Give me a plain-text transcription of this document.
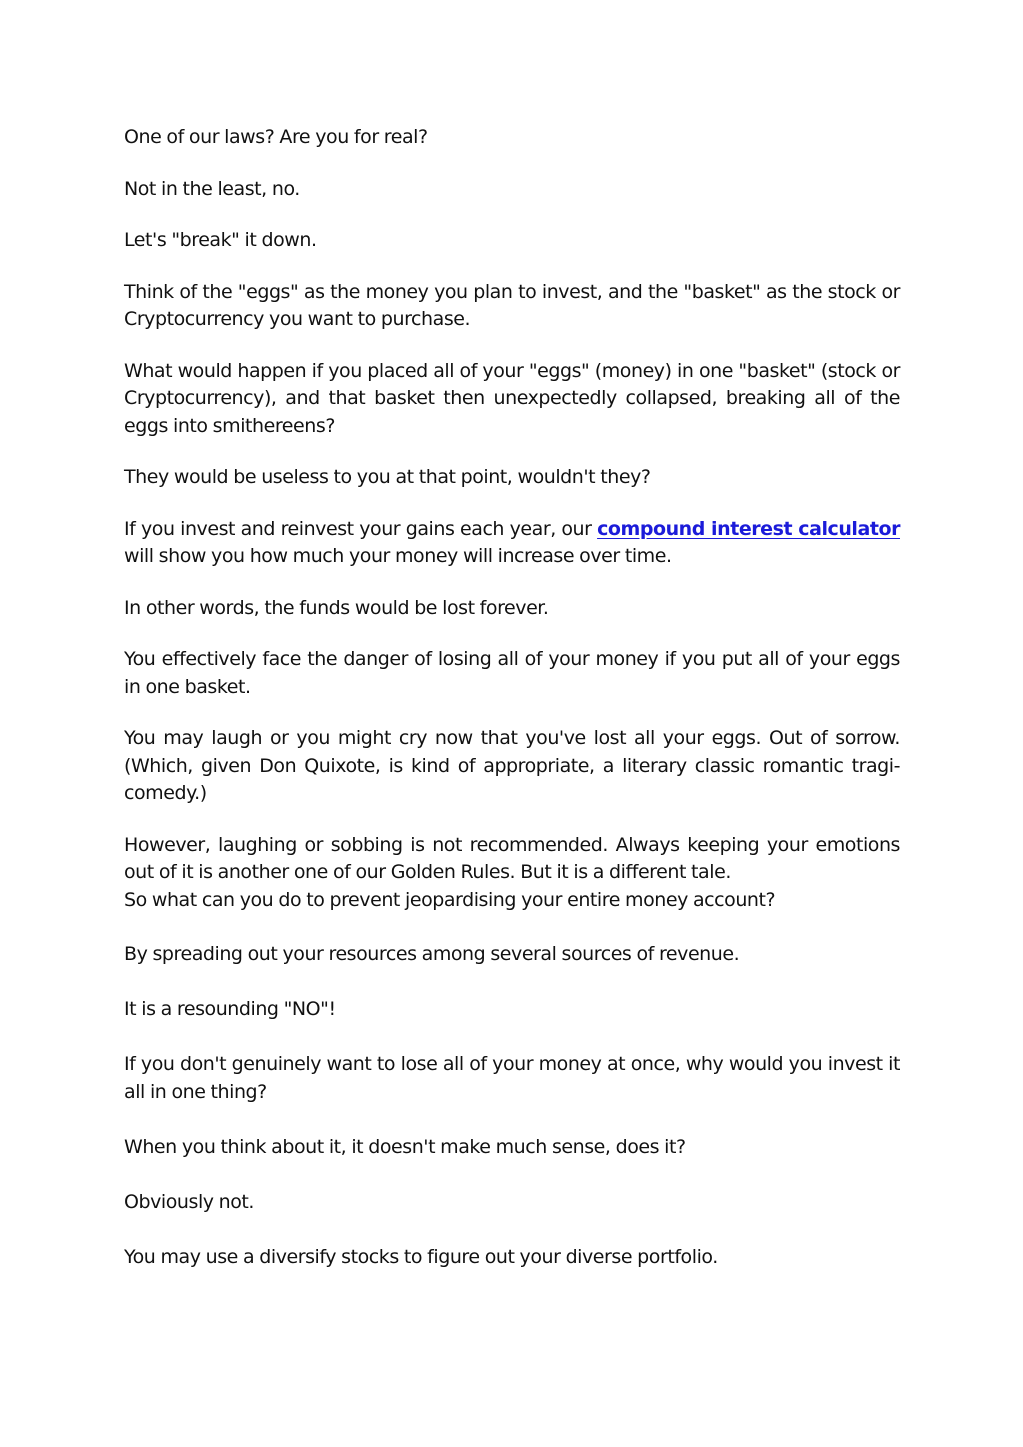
One of our laws? Are you for real?

Not in the least, no.

Let's "break" it down.

Think of the "eggs" as the money you plan to invest, and the "basket" as the stock or Cryptocurrency you want to purchase.

What would happen if you placed all of your "eggs" (money) in one "basket" (stock or Cryptocurrency), and that basket then unexpectedly collapsed, breaking all of the eggs into smithereens?

They would be useless to you at that point, wouldn't they?

If you invest and reinvest your gains each year, our compound interest calculator will show you how much your money will increase over time.

In other words, the funds would be lost forever.

You effectively face the danger of losing all of your money if you put all of your eggs in one basket.

You may laugh or you might cry now that you've lost all your eggs. Out of sorrow. (Which, given Don Quixote, is kind of appropriate, a literary classic romantic tragi-comedy.)

However, laughing or sobbing is not recommended. Always keeping your emotions out of it is another one of our Golden Rules. But it is a different tale.

So what can you do to prevent jeopardising your entire money account?

By spreading out your resources among several sources of revenue.

It is a resounding "NO"!

If you don't genuinely want to lose all of your money at once, why would you invest it all in one thing?

When you think about it, it doesn't make much sense, does it?

Obviously not.

You may use a diversify stocks to figure out your diverse portfolio.
